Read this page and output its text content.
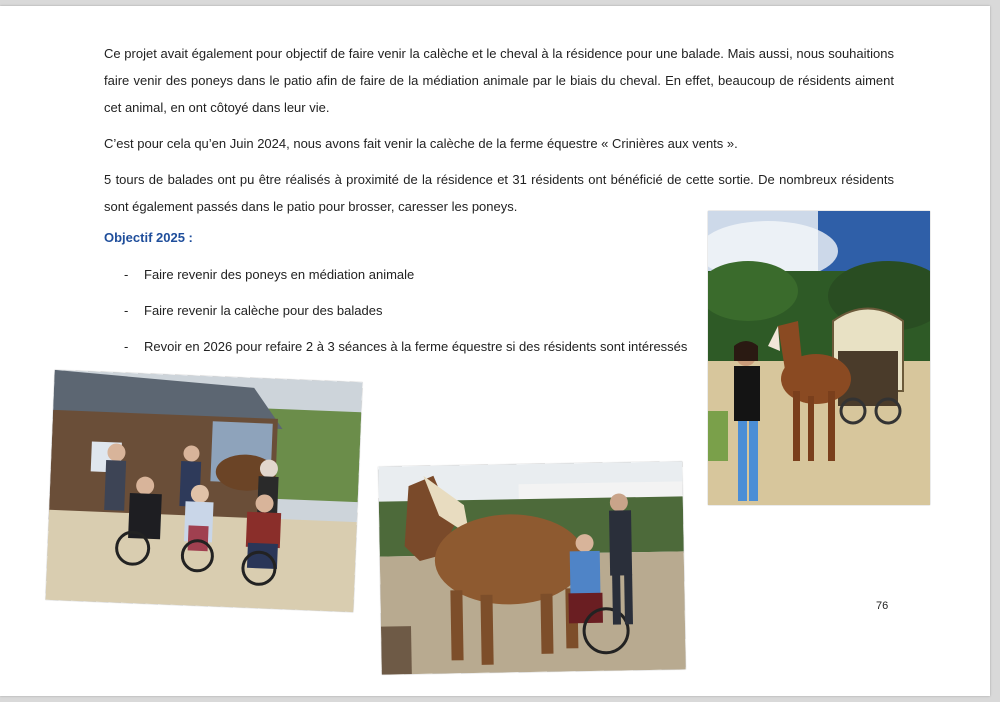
Ce projet avait également pour objectif de faire venir la calèche et le cheval à la résidence pour une balade. Mais aussi, nous souhaitions faire venir des poneys dans le patio afin de faire de la médiation animale par le biais du cheval. En effet, beaucoup de résidents aiment cet animal, en ont côtoyé dans leur vie.

C’est pour cela qu’en Juin 2024, nous avons fait venir la calèche de la ferme équestre « Crinières aux vents ».

5 tours de balades ont pu être réalisés à proximité de la résidence et 31 résidents ont bénéficié de cette sortie. De nombreux résidents sont également passés dans le patio pour brosser, caresser les poneys.

Objectif 2025 :

-	Faire revenir des poneys en médiation animale
-	Faire revenir la calèche pour des balades
-	Revoir en 2026 pour refaire 2 à 3 séances à la ferme équestre si des résidents sont intéressés

76
